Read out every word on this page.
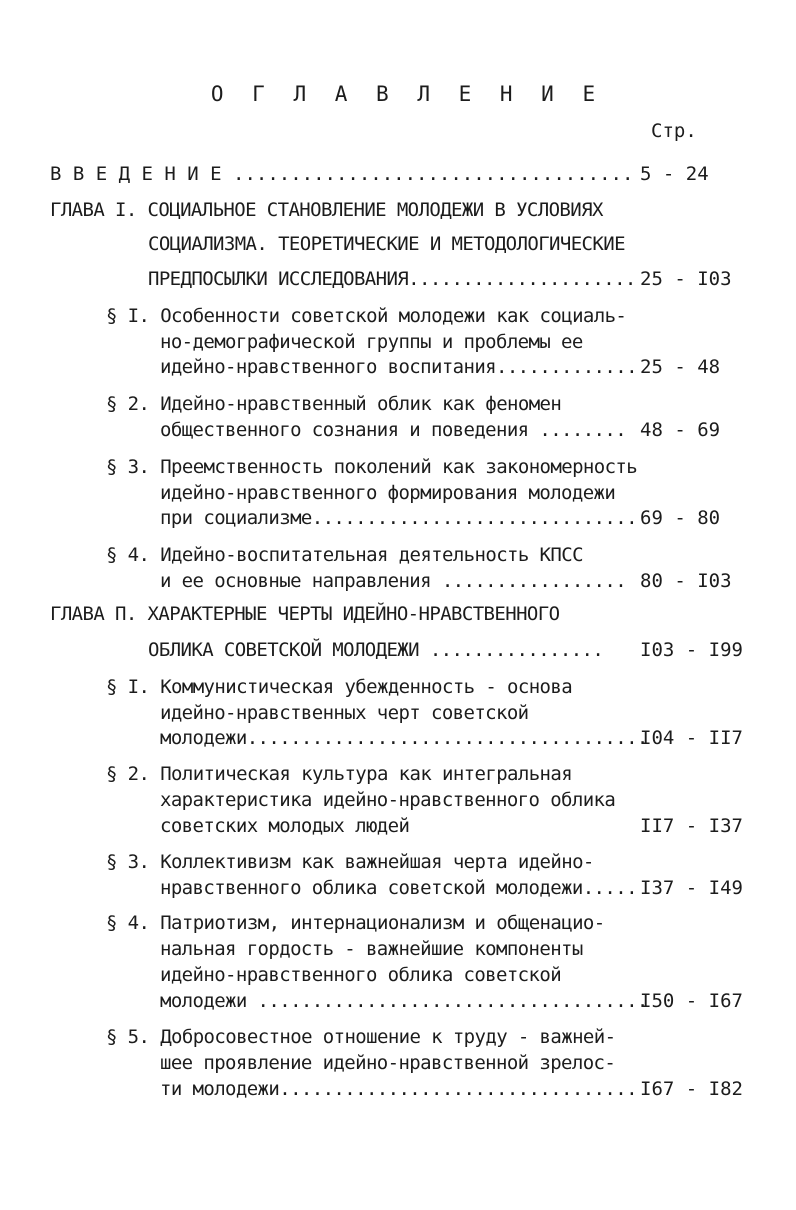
О Г Л А В Л Е Н И Е
Стр.
В В Е Д Е Н И Е ................................... 5 - 24
ГЛАВА I. СОЦИАЛЬНОЕ СТАНОВЛЕНИЕ МОЛОДЕЖИ В УСЛОВИЯХ
СОЦИАЛИЗМА. ТЕОРЕТИЧЕСКИЕ И МЕТОДОЛОГИЧЕСКИЕ
ПРЕДПОСЫЛКИ ИССЛЕДОВАНИЯ..................... 25 - I03
§ I. Особенности советской молодежи как социаль-
но-демографической группы и проблемы ее
идейно-нравственного воспитания............. 25 - 48
§ 2. Идейно-нравственный облик как феномен
общественного сознания и поведения ........ 48 - 69
§ 3. Преемственность поколений как закономерность
идейно-нравственного формирования молодежи
при социализме.............................. 69 - 80
§ 4. Идейно-воспитательная деятельность КПСС
и ее основные направления ................. 80 - I03
ГЛАВА П. ХАРАКТЕРНЫЕ ЧЕРТЫ ИДЕЙНО-НРАВСТВЕННОГО
ОБЛИКА СОВЕТСКОЙ МОЛОДЕЖИ ................ I03 - I99
§ I. Коммунистическая убежденность - основа
идейно-нравственных черт советской
молодежи.....................................
I04 - II7
§ 2. Политическая культура как интегральная
характеристика идейно-нравственного облика
советских молодых людей	II7 - I37
§ 3. Коллективизм как важнейшая черта идейно-
нравственного облика советской молодежи..... I37 - I49
§ 4. Патриотизм, интернационализм и общенацио-
нальная гордость - важнейшие компоненты
идейно-нравственного облика советской
молодежи ....................................
I50 - I67
§ 5. Добросовестное отношение к труду - важней-
шее проявление идейно-нравственной зрелос-
ти молодежи................................. I67 - I82
